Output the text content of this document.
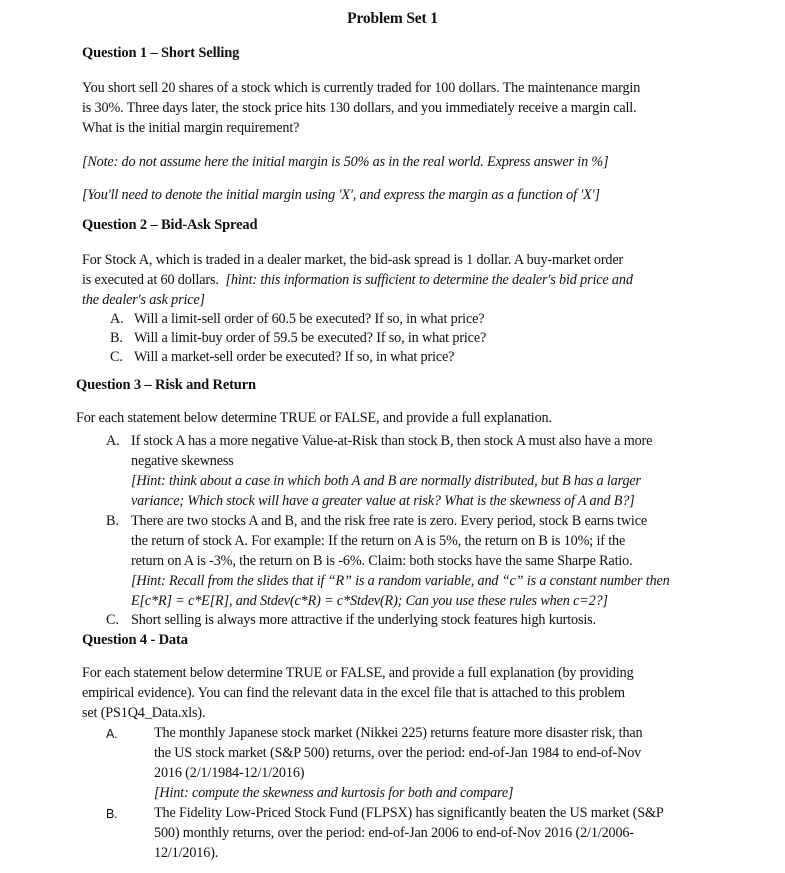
Problem Set 1
Question 1 – Short Selling
You short sell 20 shares of a stock which is currently traded for 100 dollars. The maintenance margin
is 30%. Three days later, the stock price hits 130 dollars, and you immediately receive a margin call.
What is the initial margin requirement?
[Note: do not assume here the initial margin is 50% as in the real world. Express answer in %]
[You'll need to denote the initial margin using 'X', and express the margin as a function of 'X']
Question 2 – Bid-Ask Spread
For Stock A, which is traded in a dealer market, the bid-ask spread is 1 dollar. A buy-market order
is executed at 60 dollars.  [hint: this information is sufficient to determine the dealer's bid price and
the dealer's ask price]
A. Will a limit-sell order of 60.5 be executed? If so, in what price?
B. Will a limit-buy order of 59.5 be executed? If so, in what price?
C. Will a market-sell order be executed? If so, in what price?
Question 3 – Risk and Return
For each statement below determine TRUE or FALSE, and provide a full explanation.
A. If stock A has a more negative Value-at-Risk than stock B, then stock A must also have a more
negative skewness
[Hint: think about a case in which both A and B are normally distributed, but B has a larger
variance; Which stock will have a greater value at risk? What is the skewness of A and B?]
B. There are two stocks A and B, and the risk free rate is zero. Every period, stock B earns twice
the return of stock A. For example: If the return on A is 5%, the return on B is 10%; if the
return on A is -3%, the return on B is -6%. Claim: both stocks have the same Sharpe Ratio.
[Hint: Recall from the slides that if “R” is a random variable, and “c” is a constant number then
E[c*R] = c*E[R], and Stdev(c*R) = c*Stdev(R); Can you use these rules when c=2?]
C. Short selling is always more attractive if the underlying stock features high kurtosis.
Question 4 - Data
For each statement below determine TRUE or FALSE, and provide a full explanation (by providing
empirical evidence). You can find the relevant data in the excel file that is attached to this problem
set (PS1Q4_Data.xls).
A.	The monthly Japanese stock market (Nikkei 225) returns feature more disaster risk, than
the US stock market (S&P 500) returns, over the period: end-of-Jan 1984 to end-of-Nov
2016 (2/1/1984-12/1/2016)
[Hint: compute the skewness and kurtosis for both and compare]
B.	The Fidelity Low-Priced Stock Fund (FLPSX) has significantly beaten the US market (S&P
500) monthly returns, over the period: end-of-Jan 2006 to end-of-Nov 2016 (2/1/2006-
12/1/2016).
